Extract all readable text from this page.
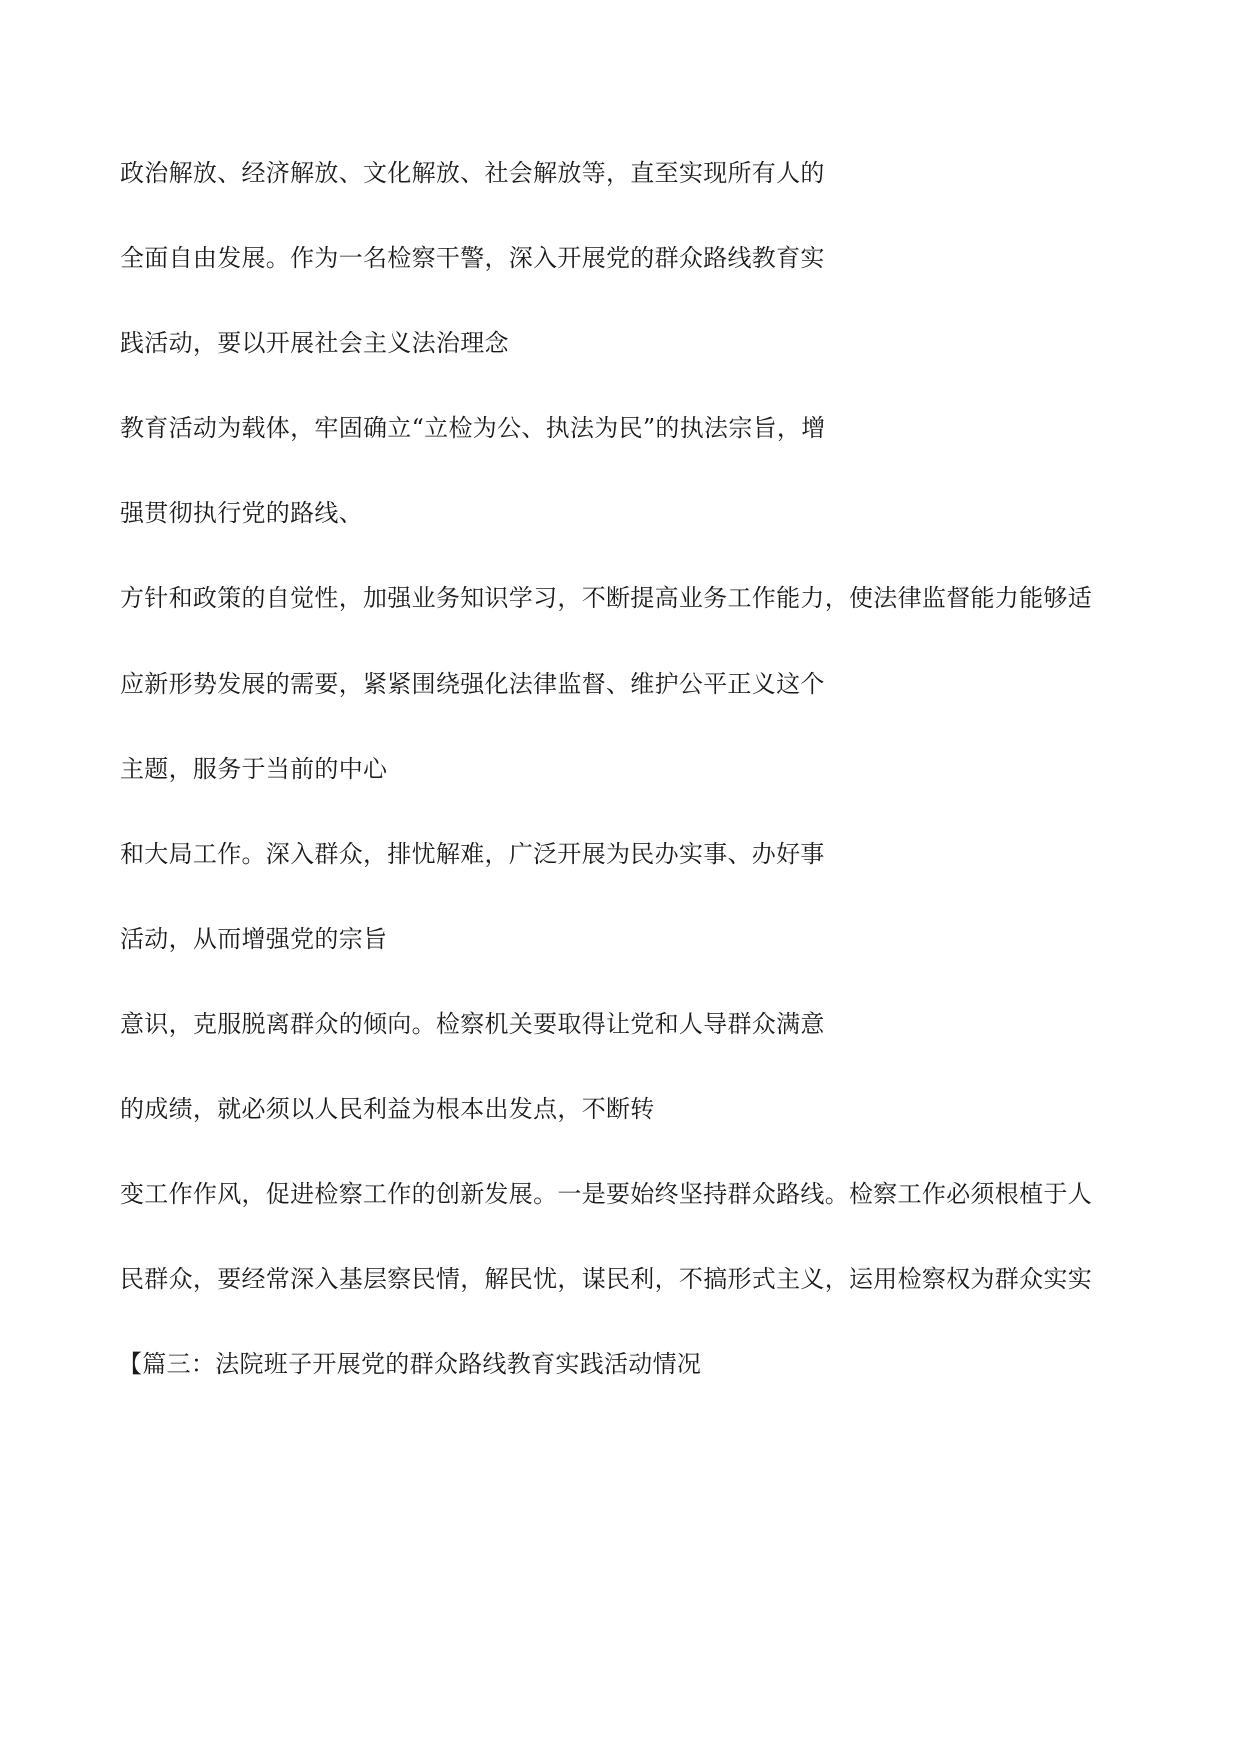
政治解放、经济解放、文化解放、社会解放等，直至实现所有人的

全面自由发展。作为一名检察干警，深入开展党的群众路线教育实

践活动，要以开展社会主义法治理念

教育活动为载体，牢固确立“立检为公、执法为民”的执法宗旨，增

强贯彻执行党的路线、

方针和政策的自觉性，加强业务知识学习，不断提高业务工作能力，使法律监督能力能够适

应新形势发展的需要，紧紧围绕强化法律监督、维护公平正义这个

主题，服务于当前的中心

和大局工作。深入群众，排忧解难，广泛开展为民办实事、办好事

活动，从而增强党的宗旨

意识，克服脱离群众的倾向。检察机关要取得让党和人导群众满意

的成绩，就必须以人民利益为根本出发点，不断转

变工作作风，促进检察工作的创新发展。一是要始终坚持群众路线。检察工作必须根植于人

民群众，要经常深入基层察民情，解民忧，谋民利，不搞形式主义，运用检察权为群众实实

【篇三：法院班子开展党的群众路线教育实践活动情况
